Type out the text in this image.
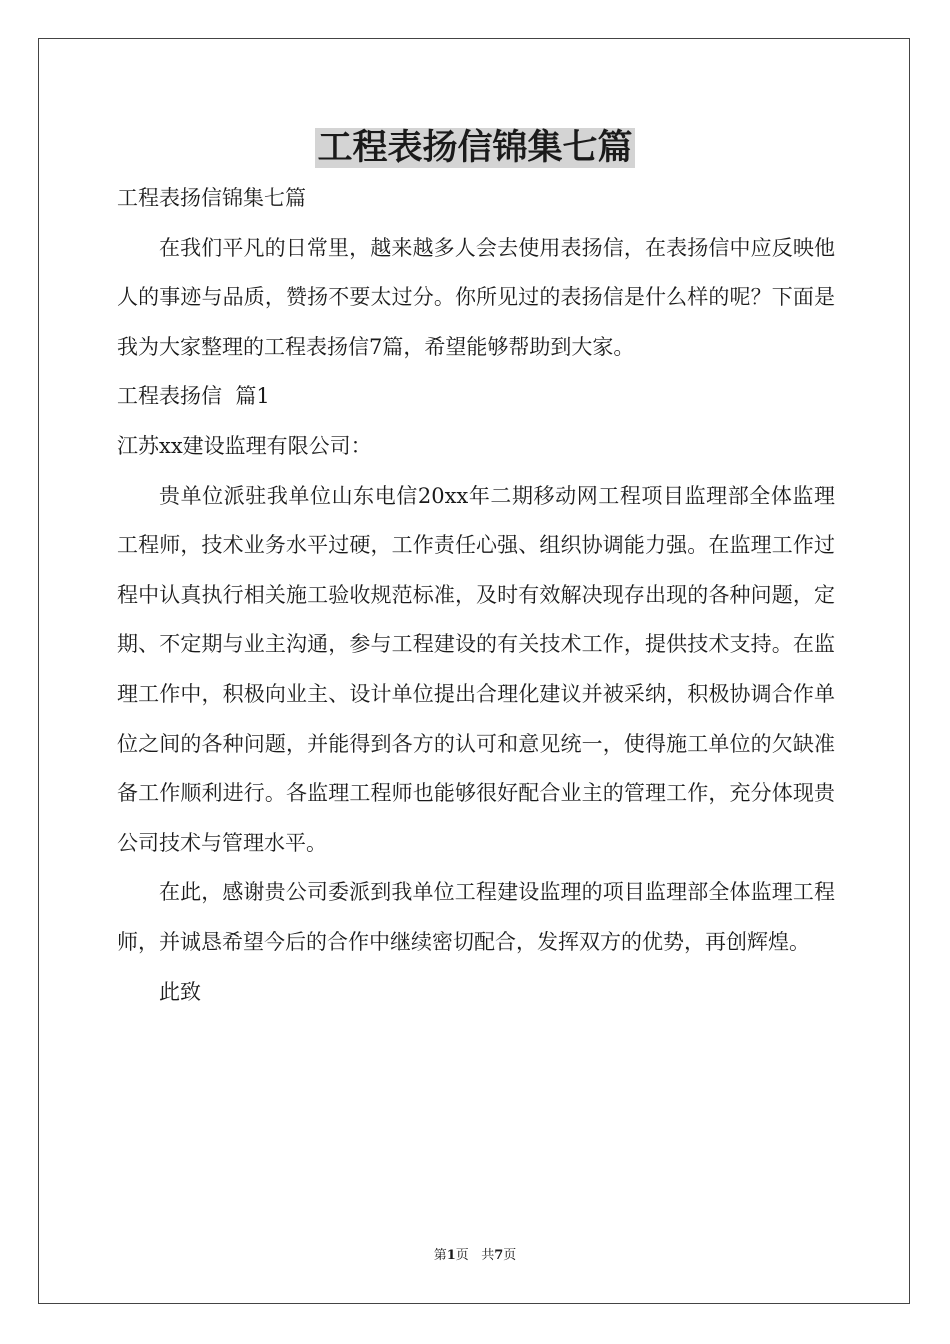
工程表扬信锦集七篇

工程表扬信锦集七篇

在我们平凡的日常里，越来越多人会去使用表扬信，在表扬信中应反映他人的事迹与品质，赞扬不要太过分。你所见过的表扬信是什么样的呢？下面是我为大家整理的工程表扬信7篇，希望能够帮助到大家。

工程表扬信  篇1

江苏xx建设监理有限公司：

贵单位派驻我单位山东电信20xx年二期移动网工程项目监理部全体监理工程师，技术业务水平过硬，工作责任心强、组织协调能力强。在监理工作过程中认真执行相关施工验收规范标准，及时有效解决现存出现的各种问题，定期、不定期与业主沟通，参与工程建设的有关技术工作，提供技术支持。在监理工作中，积极向业主、设计单位提出合理化建议并被采纳，积极协调合作单位之间的各种问题，并能得到各方的认可和意见统一，使得施工单位的欠缺准备工作顺利进行。各监理工程师也能够很好配合业主的管理工作，充分体现贵公司技术与管理水平。

在此，感谢贵公司委派到我单位工程建设监理的项目监理部全体监理工程师，并诚恳希望今后的合作中继续密切配合，发挥双方的优势，再创辉煌。

此致

第1页   共7页
